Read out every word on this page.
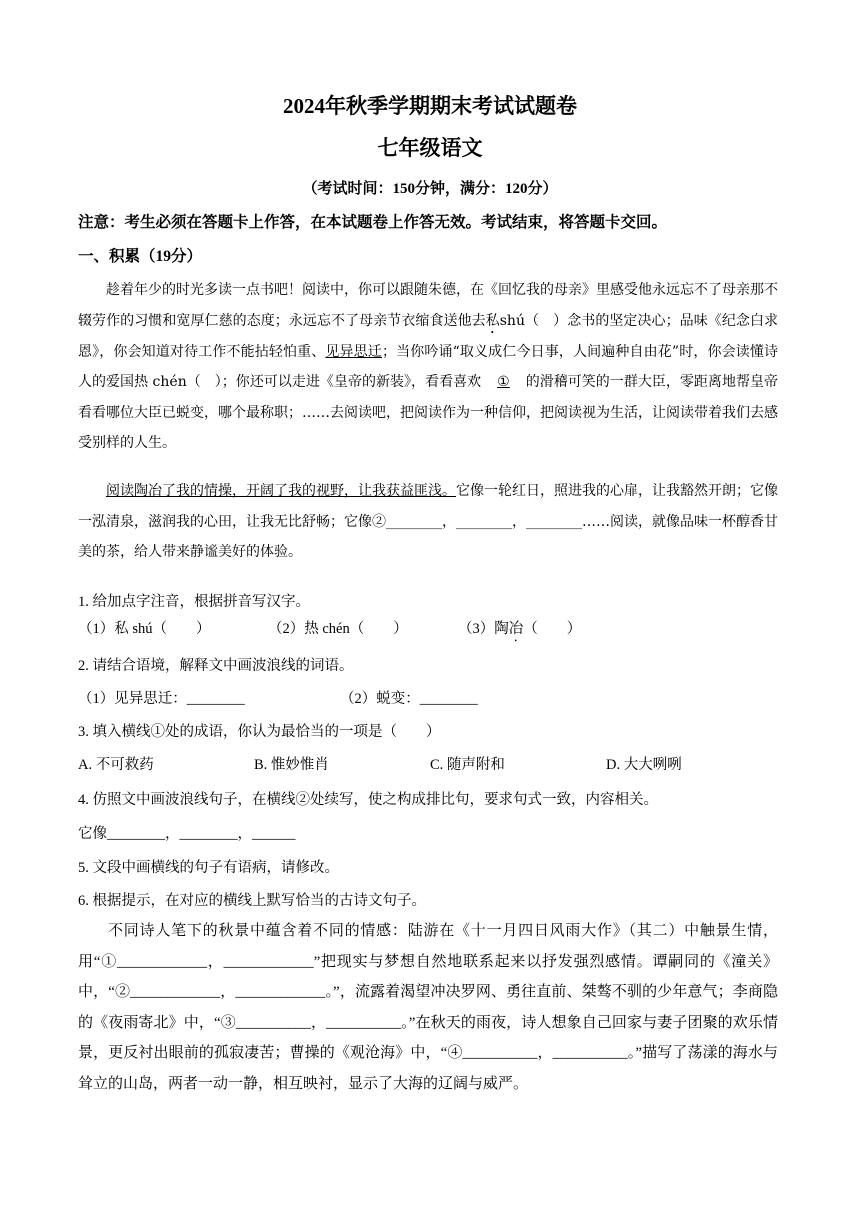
2024年秋季学期期末考试试题卷
七年级语文
（考试时间：150分钟，满分：120分）
注意：考生必须在答题卡上作答，在本试题卷上作答无效。考试结束，将答题卡交回。
一、积累（19分）
趁着年少的时光多读一点书吧！阅读中，你可以跟随朱德，在《回忆我的母亲》里感受他永远忘不了母亲那不辍劳作的习惯和宽厚仁慈的态度；永远忘不了母亲节衣缩食送他去私shú（　）念书的坚定决心；品味《纪念白求恩》，你会知道对待工作不能拈轻怕重、见异思迁；当你吟诵“取义成仁今日事，人间遍种自由花”时，你会读懂诗人的爱国热 chén（　）；你还可以走进《皇帝的新装》，看看喜欢 ① 的滑稽可笑的一群大臣，零距离地帮皇帝看看哪位大臣已蜕变，哪个最称职；……去阅读吧，把阅读作为一种信仰，把阅读视为生活，让阅读带着我们去感受别样的人生。
阅读陶冶了我的情操，开阔了我的视野，让我获益匪浅。它像一轮红日，照进我的心扉，让我豁然开朗；它像一泓清泉，滋润我的心田，让我无比舒畅；它像②________，________，________……阅读，就像品味一杯醇香甘美的茶，给人带来静谧美好的体验。
1. 给加点字注音，根据拼音写汉字。
（1）私 shú（　　）	（2）热 chén（　　）	（3）陶冶（　　）
2. 请结合语境，解释文中画波浪线的词语。
（1）见异思迁：________	（2）蜕变：________
3. 填入横线①处的成语，你认为最恰当的一项是（　　）
A. 不可救药	B. 惟妙惟肖	C. 随声附和	D. 大大咧咧
4. 仿照文中画波浪线句子，在横线②处续写，使之构成排比句，要求句式一致，内容相关。
它像________，________，______
5. 文段中画横线的句子有语病，请修改。
6. 根据提示，在对应的横线上默写恰当的古诗文句子。
不同诗人笔下的秋景中蕴含着不同的情感：陆游在《十一月四日风雨大作》（其二）中触景生情，用“①____________，____________”把现实与梦想自然地联系起来以抒发强烈感情。谭嗣同的《潼关》中，“②____________，____________。”，流露着渴望冲决罗网、勇往直前、桀骜不驯的少年意气；李商隐的《夜雨寄北》中，“③__________，__________。”在秋天的雨夜，诗人想象自己回家与妻子团聚的欢乐情景，更反衬出眼前的孤寂凄苦；曹操的《观沧海》中，“④__________，__________。”描写了荡漾的海水与耸立的山岛，两者一动一静，相互映衬，显示了大海的辽阔与威严。
